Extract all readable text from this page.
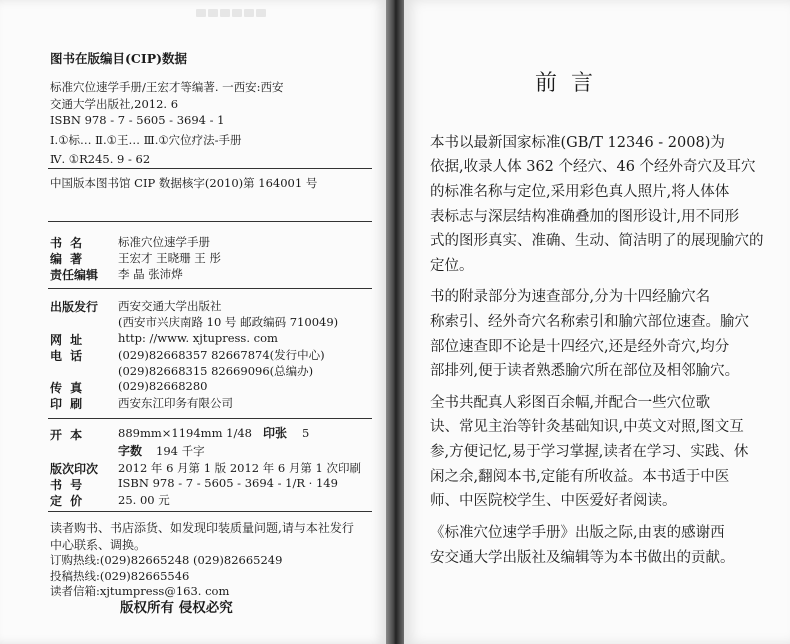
图书在版编目(CIP)数据
标准穴位速学手册/王宏才等编著. 一西安:西安
交通大学出版社,2012. 6
ISBN 978 - 7 - 5605 - 3694 - 1
Ⅰ.①标… Ⅱ.①王… Ⅲ.①穴位疗法-手册
Ⅳ. ①R245. 9 - 62
中国版本图书馆 CIP 数据核字(2010)第 164001 号
书 名	标准穴位速学手册
编 著	王宏才 王晓珊 王 彤
责任编辑 李 晶 张沛烨
出版发行 西安交通大学出版社
(西安市兴庆南路 10 号 邮政编码 710049)
网 址	http: //www. xjtupress. com
电 话	(029)82668357 82667874(发行中心)
(029)82668315 82669096(总编办)
传 真	(029)82668280
印 刷	西安东江印务有限公司
开 本	889mm×1194mm 1/48 印张 5
字数 194 千字
版次印次 2012 年 6 月第 1 版 2012 年 6 月第 1 次印刷
书 号	ISBN 978 - 7 - 5605 - 3694 - 1/R · 149
定 价	25. 00 元
读者购书、书店添货、如发现印装质量问题,请与本社发行
中心联系、调换。
订购热线:(029)82665248 (029)82665249
投稿热线:(029)82665546
读者信箱:xjtumpress@163. com
版权所有 侵权必究
前言
本书以最新国家标准(GB/T 12346 - 2008)为
依据,收录人体 362 个经穴、46 个经外奇穴及耳穴
的标准名称与定位,采用彩色真人照片,将人体体
表标志与深层结构准确叠加的图形设计,用不同形
式的图形真实、准确、生动、简洁明了的展现腧穴的
定位。
书的附录部分为速查部分,分为十四经腧穴名
称索引、经外奇穴名称索引和腧穴部位速查。腧穴
部位速查即不论是十四经穴,还是经外奇穴,均分
部排列,便于读者熟悉腧穴所在部位及相邻腧穴。
全书共配真人彩图百余幅,并配合一些穴位歌
诀、常见主治等针灸基础知识,中英文对照,图文互
参,方便记忆,易于学习掌握,读者在学习、实践、休
闲之余,翻阅本书,定能有所收益。本书适于中医
师、中医院校学生、中医爱好者阅读。
《标准穴位速学手册》出版之际,由衷的感谢西
安交通大学出版社及编辑等为本书做出的贡献。
